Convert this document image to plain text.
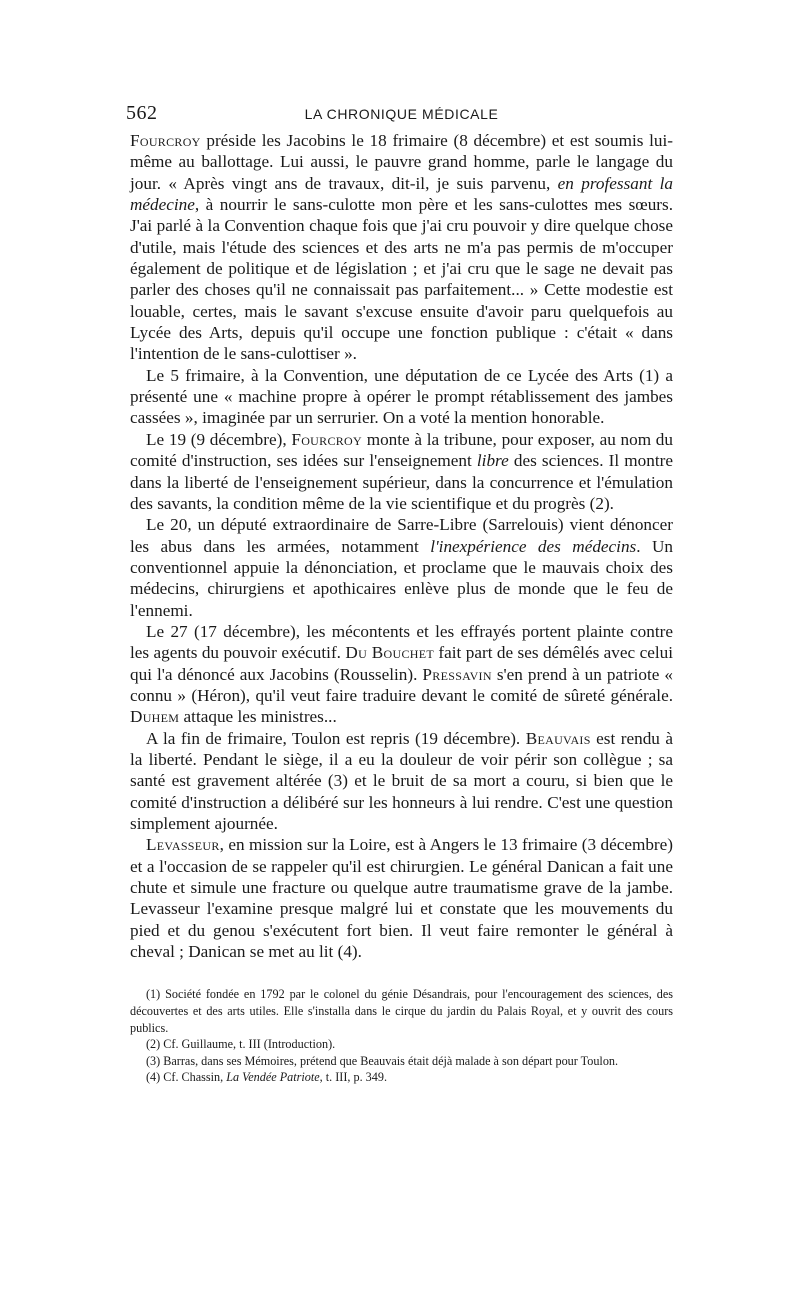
562	LA CHRONIQUE MÉDICALE

Fourcroy préside les Jacobins le 18 frimaire (8 décembre) et est soumis lui-même au ballottage. Lui aussi, le pauvre grand homme, parle le langage du jour. « Après vingt ans de travaux, dit-il, je suis parvenu, en professant la médecine, à nourrir le sans-culotte mon père et les sans-culottes mes sœurs. J'ai parlé à la Convention chaque fois que j'ai cru pouvoir y dire quelque chose d'utile, mais l'étude des sciences et des arts ne m'a pas permis de m'occuper également de politique et de législation ; et j'ai cru que le sage ne devait pas parler des choses qu'il ne connaissait pas parfaitement... » Cette modestie est louable, certes, mais le savant s'excuse ensuite d'avoir paru quelquefois au Lycée des Arts, depuis qu'il occupe une fonction publique : c'était « dans l'intention de le sans-culottiser ».

Le 5 frimaire, à la Convention, une députation de ce Lycée des Arts (1) a présenté une « machine propre à opérer le prompt rétablissement des jambes cassées », imaginée par un serrurier. On a voté la mention honorable.

Le 19 (9 décembre), Fourcroy monte à la tribune, pour exposer, au nom du comité d'instruction, ses idées sur l'enseignement libre des sciences. Il montre dans la liberté de l'enseignement supérieur, dans la concurrence et l'émulation des savants, la condition même de la vie scientifique et du progrès (2).

Le 20, un député extraordinaire de Sarre-Libre (Sarrelouis) vient dénoncer les abus dans les armées, notamment l'inexpérience des médecins. Un conventionnel appuie la dénonciation, et proclame que le mauvais choix des médecins, chirurgiens et apothicaires enlève plus de monde que le feu de l'ennemi.

Le 27 (17 décembre), les mécontents et les effrayés portent plainte contre les agents du pouvoir exécutif. Du Bouchet fait part de ses démêlés avec celui qui l'a dénoncé aux Jacobins (Rousselin). Pressavin s'en prend à un patriote « connu » (Héron), qu'il veut faire traduire devant le comité de sûreté générale. Duhem attaque les ministres...

A la fin de frimaire, Toulon est repris (19 décembre). Beauvais est rendu à la liberté. Pendant le siège, il a eu la douleur de voir périr son collègue ; sa santé est gravement altérée (3) et le bruit de sa mort a couru, si bien que le comité d'instruction a délibéré sur les honneurs à lui rendre. C'est une question simplement ajournée.

Levasseur, en mission sur la Loire, est à Angers le 13 frimaire (3 décembre) et a l'occasion de se rappeler qu'il est chirurgien. Le général Danican a fait une chute et simule une fracture ou quelque autre traumatisme grave de la jambe. Levasseur l'examine presque malgré lui et constate que les mouvements du pied et du genou s'exécutent fort bien. Il veut faire remonter le général à cheval ; Danican se met au lit (4).

(1) Société fondée en 1792 par le colonel du génie Désandrais, pour l'encouragement des sciences, des découvertes et des arts utiles. Elle s'installa dans le cirque du jardin du Palais Royal, et y ouvrit des cours publics.

(2) Cf. Guillaume, t. III (Introduction).

(3) Barras, dans ses Mémoires, prétend que Beauvais était déjà malade à son départ pour Toulon.

(4) Cf. Chassin, La Vendée Patriote, t. III, p. 349.
